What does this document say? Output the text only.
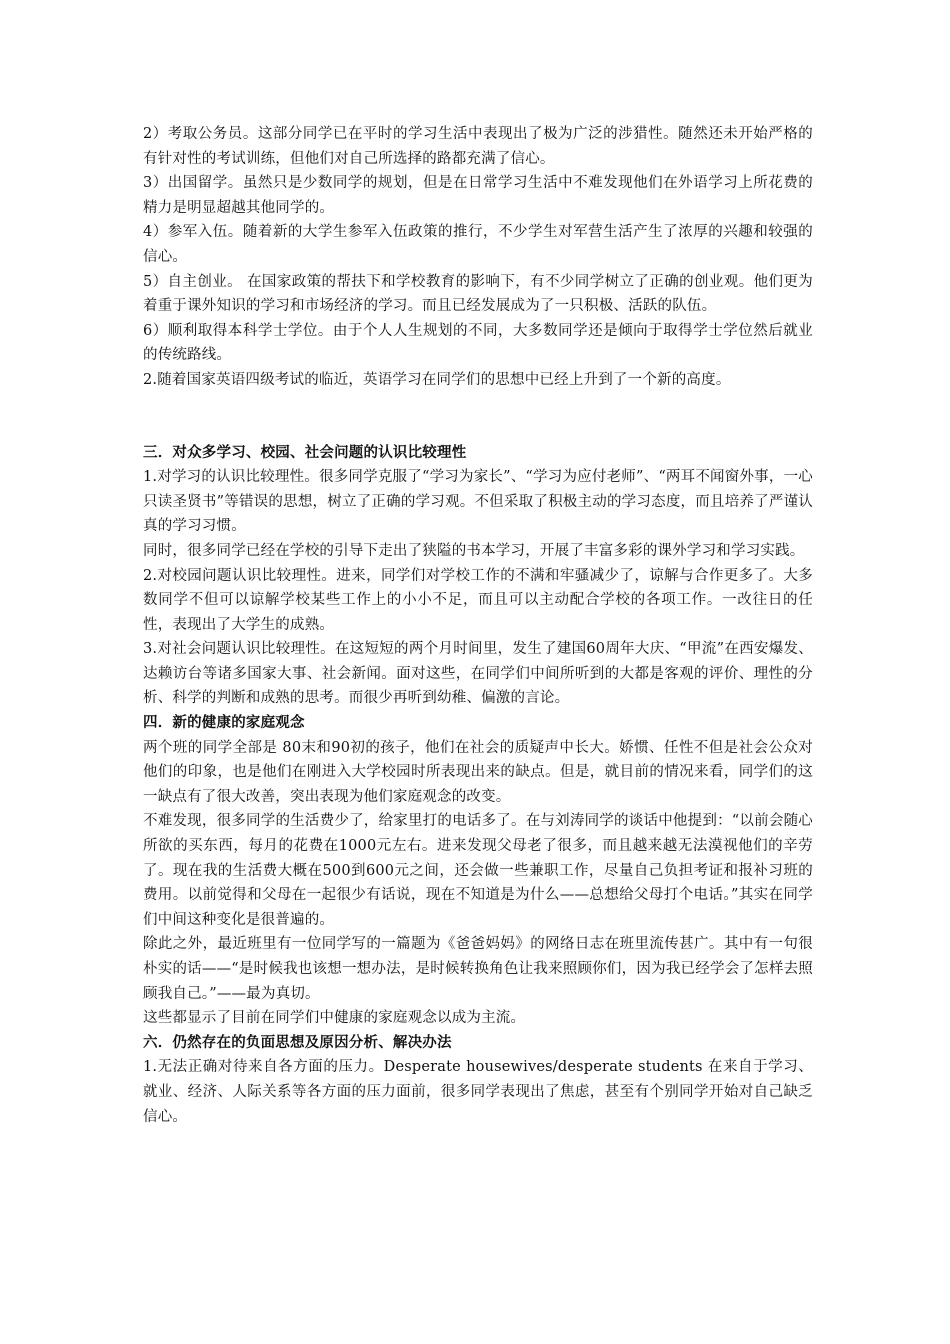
2）考取公务员。这部分同学已在平时的学习生活中表现出了极为广泛的涉猎性。随然还未开始严格的有针对性的考试训练，但他们对自己所选择的路都充满了信心。

3）出国留学。虽然只是少数同学的规划，但是在日常学习生活中不难发现他们在外语学习上所花费的精力是明显超越其他同学的。

4）参军入伍。随着新的大学生参军入伍政策的推行，不少学生对军营生活产生了浓厚的兴趣和较强的信心。

5）自主创业。 在国家政策的帮扶下和学校教育的影响下，有不少同学树立了正确的创业观。他们更为着重于课外知识的学习和市场经济的学习。而且已经发展成为了一只积极、活跃的队伍。

6）顺利取得本科学士学位。由于个人人生规划的不同，大多数同学还是倾向于取得学士学位然后就业的传统路线。

2.随着国家英语四级考试的临近，英语学习在同学们的思想中已经上升到了一个新的高度。

三．对众多学习、校园、社会问题的认识比较理性

1.对学习的认识比较理性。很多同学克服了“学习为家长”、“学习为应付老师”、“两耳不闻窗外事，一心只读圣贤书”等错误的思想，树立了正确的学习观。不但采取了积极主动的学习态度，而且培养了严谨认真的学习习惯。

同时，很多同学已经在学校的引导下走出了狭隘的书本学习，开展了丰富多彩的课外学习和学习实践。

2.对校园问题认识比较理性。进来，同学们对学校工作的不满和牢骚减少了，谅解与合作更多了。大多数同学不但可以谅解学校某些工作上的小小不足，而且可以主动配合学校的各项工作。一改往日的任性，表现出了大学生的成熟。

3.对社会问题认识比较理性。在这短短的两个月时间里，发生了建国60周年大庆、“甲流”在西安爆发、达赖访台等诸多国家大事、社会新闻。面对这些，在同学们中间所听到的大都是客观的评价、理性的分析、科学的判断和成熟的思考。而很少再听到幼稚、偏激的言论。

四．新的健康的家庭观念

两个班的同学全部是 80末和90初的孩子，他们在社会的质疑声中长大。娇惯、任性不但是社会公众对他们的印象，也是他们在刚进入大学校园时所表现出来的缺点。但是，就目前的情况来看，同学们的这一缺点有了很大改善，突出表现为他们家庭观念的改变。

不难发现，很多同学的生活费少了，给家里打的电话多了。在与刘涛同学的谈话中他提到：“以前会随心所欲的买东西，每月的花费在1000元左右。进来发现父母老了很多，而且越来越无法漠视他们的辛劳了。现在我的生活费大概在500到600元之间，还会做一些兼职工作，尽量自己负担考证和报补习班的费用。以前觉得和父母在一起很少有话说，现在不知道是为什么——总想给父母打个电话。”其实在同学们中间这种变化是很普遍的。

除此之外，最近班里有一位同学写的一篇题为《爸爸妈妈》的网络日志在班里流传甚广。其中有一句很朴实的话——“是时候我也该想一想办法，是时候转换角色让我来照顾你们，因为我已经学会了怎样去照顾我自己。”——最为真切。

这些都显示了目前在同学们中健康的家庭观念以成为主流。

六．仍然存在的负面思想及原因分析、解决办法

1.无法正确对待来自各方面的压力。Desperate housewives/desperate students 在来自于学习、就业、经济、人际关系等各方面的压力面前，很多同学表现出了焦虑，甚至有个别同学开始对自己缺乏信心。
